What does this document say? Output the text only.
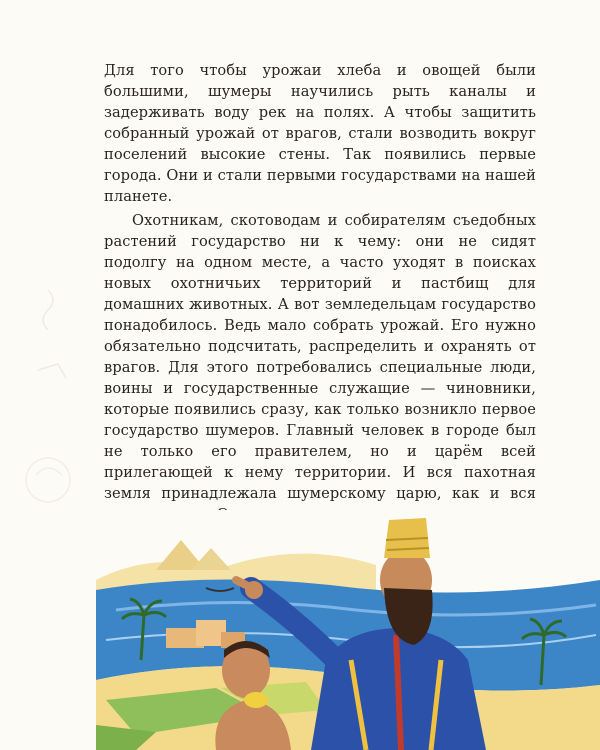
Для того чтобы урожаи хлеба и овощей были большими, шумеры научились рыть каналы и задерживать воду рек на полях. А чтобы защитить собранный урожай от врагов, стали возводить вокруг поселений высокие стены. Так появились первые города. Они и стали первыми государствами на нашей планете.

Охотникам, скотоводам и собирателям съедобных растений государство ни к чему: они не сидят подолгу на одном месте, а часто уходят в поисках новых охотничьих территорий и пастбищ для домашних животных. А вот земледельцам государство понадобилось. Ведь мало собрать урожай. Его нужно обязательно подсчитать, распределить и охранять от врагов. Для этого потребовались специальные люди, воины и государственные служащие — чиновники, которые появились сразу, как только возникло первое государство шумеров. Главный человек в городе был не только его правителем, но и царём всей прилегающей к нему территории. И вся пахотная земля принадлежала шумерскому царю, как и вся
